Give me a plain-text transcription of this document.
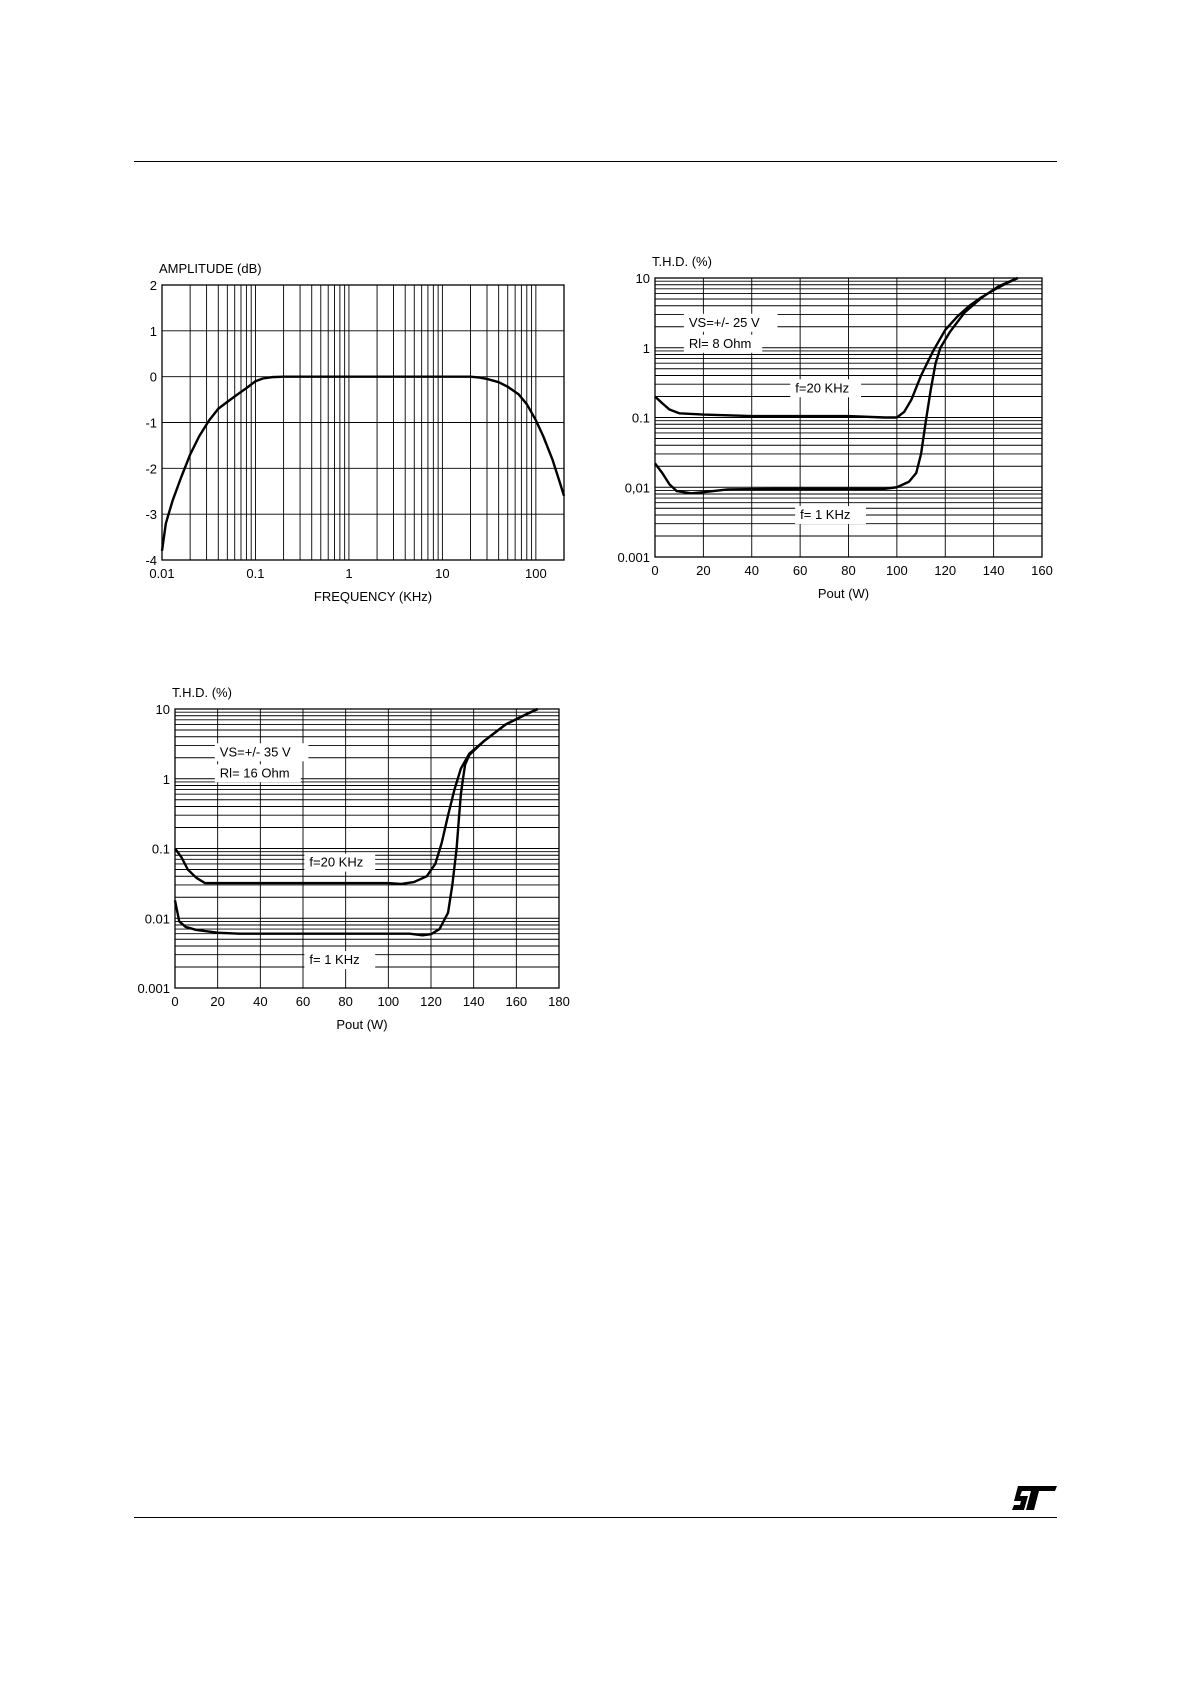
0.01	0.1	1	10	100
2
1
0
-1
-2
-3
-4
AMPLITUDE (dB)
FREQUENCY (KHz)
VS=+/- 25 V
Rl= 8 Ohm
f=20 KHz
f= 1 KHz
0	20	40	60	80 100 120 140 160
10
1
0.1
0,01
0.001
T.H.D. (%)
Pout (W)
VS=+/- 35 V
Rl= 16 Ohm
f=20 KHz
f= 1 KHz
0 20 40 60 80 100 120 140 160 180
10
1
0.1
0.01
0.001
T.H.D. (%)
Pout (W)
